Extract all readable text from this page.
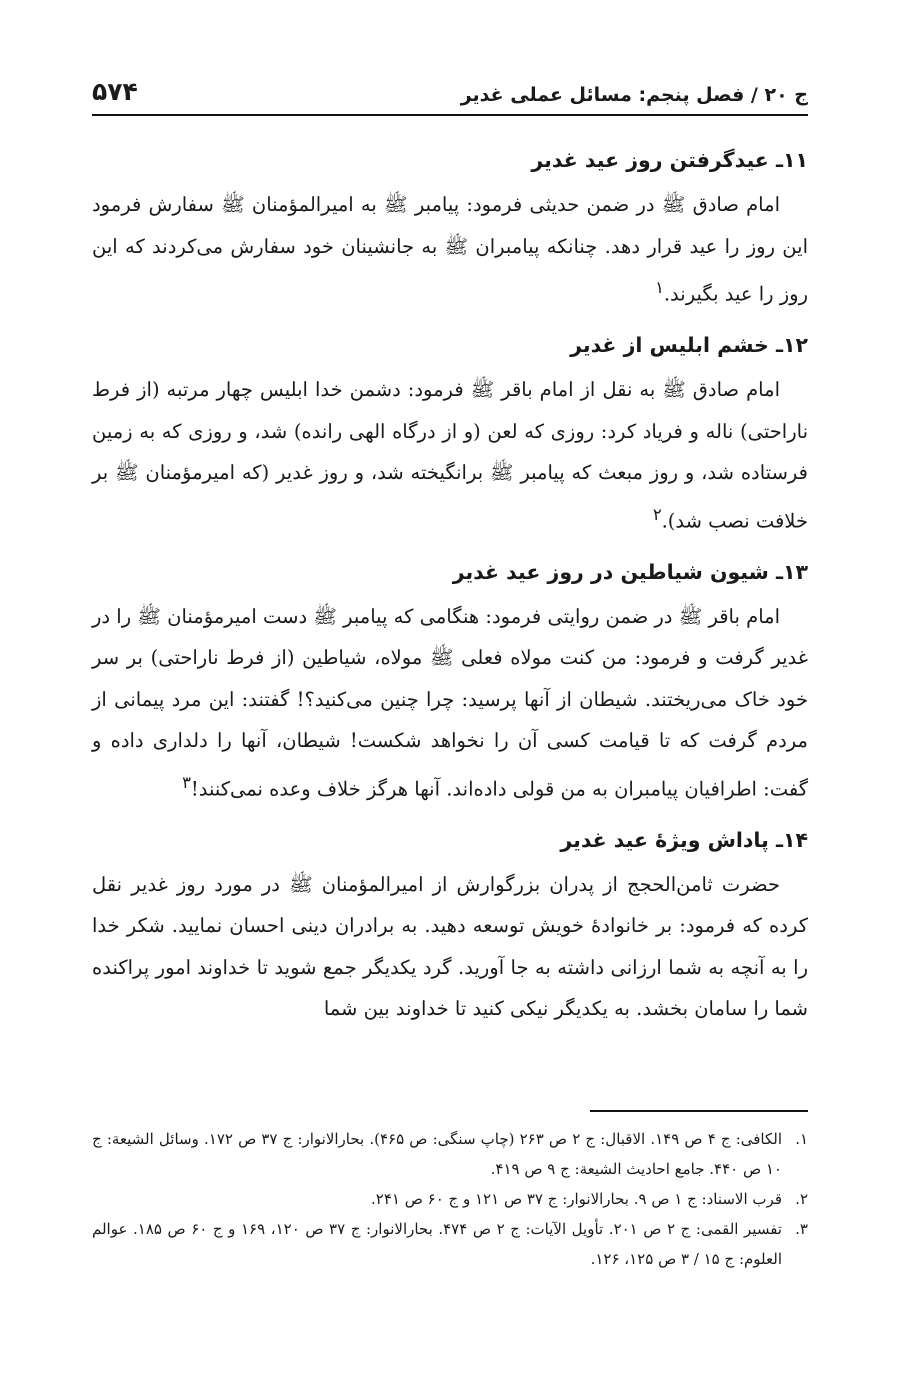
ج ۲۰ / فصل پنجم: مسائل عملی غدیر
۵۷۴
۱۱ـ عیدگرفتن روز عید غدیر

امام صادق ﷺ در ضمن حدیثی فرمود: پیامبر ﷺ به امیرالمؤمنان ﷺ سفارش فرمود این روز را عید قرار دهد. چنانکه پیامبران ﷺ به جانشینان خود سفارش می‌کردند که این روز را عید بگیرند.$^۱$

۱۲ـ خشم ابلیس از غدیر

امام صادق ﷺ به نقل از امام باقر ﷺ فرمود: دشمن خدا ابلیس چهار مرتبه (از فرط ناراحتی) ناله و فریاد کرد: روزی که لعن (و از درگاه الهی رانده) شد، و روزی که به زمین فرستاده شد، و روز مبعث که پیامبر ﷺ برانگیخته شد، و روز غدیر (که امیرمؤمنان ﷺ بر خلافت نصب شد).$^۲$

۱۳ـ شیون شیاطین در روز عید غدیر

امام باقر ﷺ در ضمن روایتی فرمود: هنگامی که پیامبر ﷺ دست امیرمؤمنان ﷺ را در غدیر گرفت و فرمود: من کنت مولاه فعلی ﷺ مولاه، شیاطین (از فرط ناراحتی) بر سر خود خاک می‌ریختند. شیطان از آنها پرسید: چرا چنین می‌کنید؟! گفتند: این مرد پیمانی از مردم گرفت که تا قیامت کسی آن را نخواهد شکست! شیطان، آنها را دلداری داده و گفت: اطرافیان پیامبران به من قولی داده‌اند. آنها هرگز خلاف وعده نمی‌کنند!$^۳$

۱۴ـ پاداش ویژهٔ عید غدیر

حضرت ثامن‌الحجج از پدران بزرگوارش از امیرالمؤمنان ﷺ در مورد روز غدیر نقل کرده که فرمود: بر خانوادهٔ خویش توسعه دهید. به برادران دینی احسان نمایید. شکر خدا را به آنچه به شما ارزانی داشته به جا آورید. گرد یکدیگر جمع شوید تا خداوند امور پراکنده شما را سامان بخشد. به یکدیگر نیکی کنید تا خداوند بین شما

۱.الکافی: ج ۴ ص ۱۴۹. الاقبال: ج ۲ ص ۲۶۳ (چاپ سنگی: ص ۴۶۵). بحارالانوار: ج ۳۷ ص ۱۷۲. وسائل الشیعة: ج ۱۰ ص ۴۴۰. جامع احادیث الشیعة: ج ۹ ص ۴۱۹.

۲.قرب الاسناد: ج ۱ ص ۹. بحارالانوار: ج ۳۷ ص ۱۲۱ و ج ۶۰ ص ۲۴۱.

۳.تفسیر القمی: ج ۲ ص ۲۰۱. تأویل الآیات: ج ۲ ص ۴۷۴. بحارالانوار: ج ۳۷ ص ۱۲۰، ۱۶۹ و ج ۶۰ ص ۱۸۵. عوالم العلوم: ج ۱۵ / ۳ ص ۱۲۵، ۱۲۶.
